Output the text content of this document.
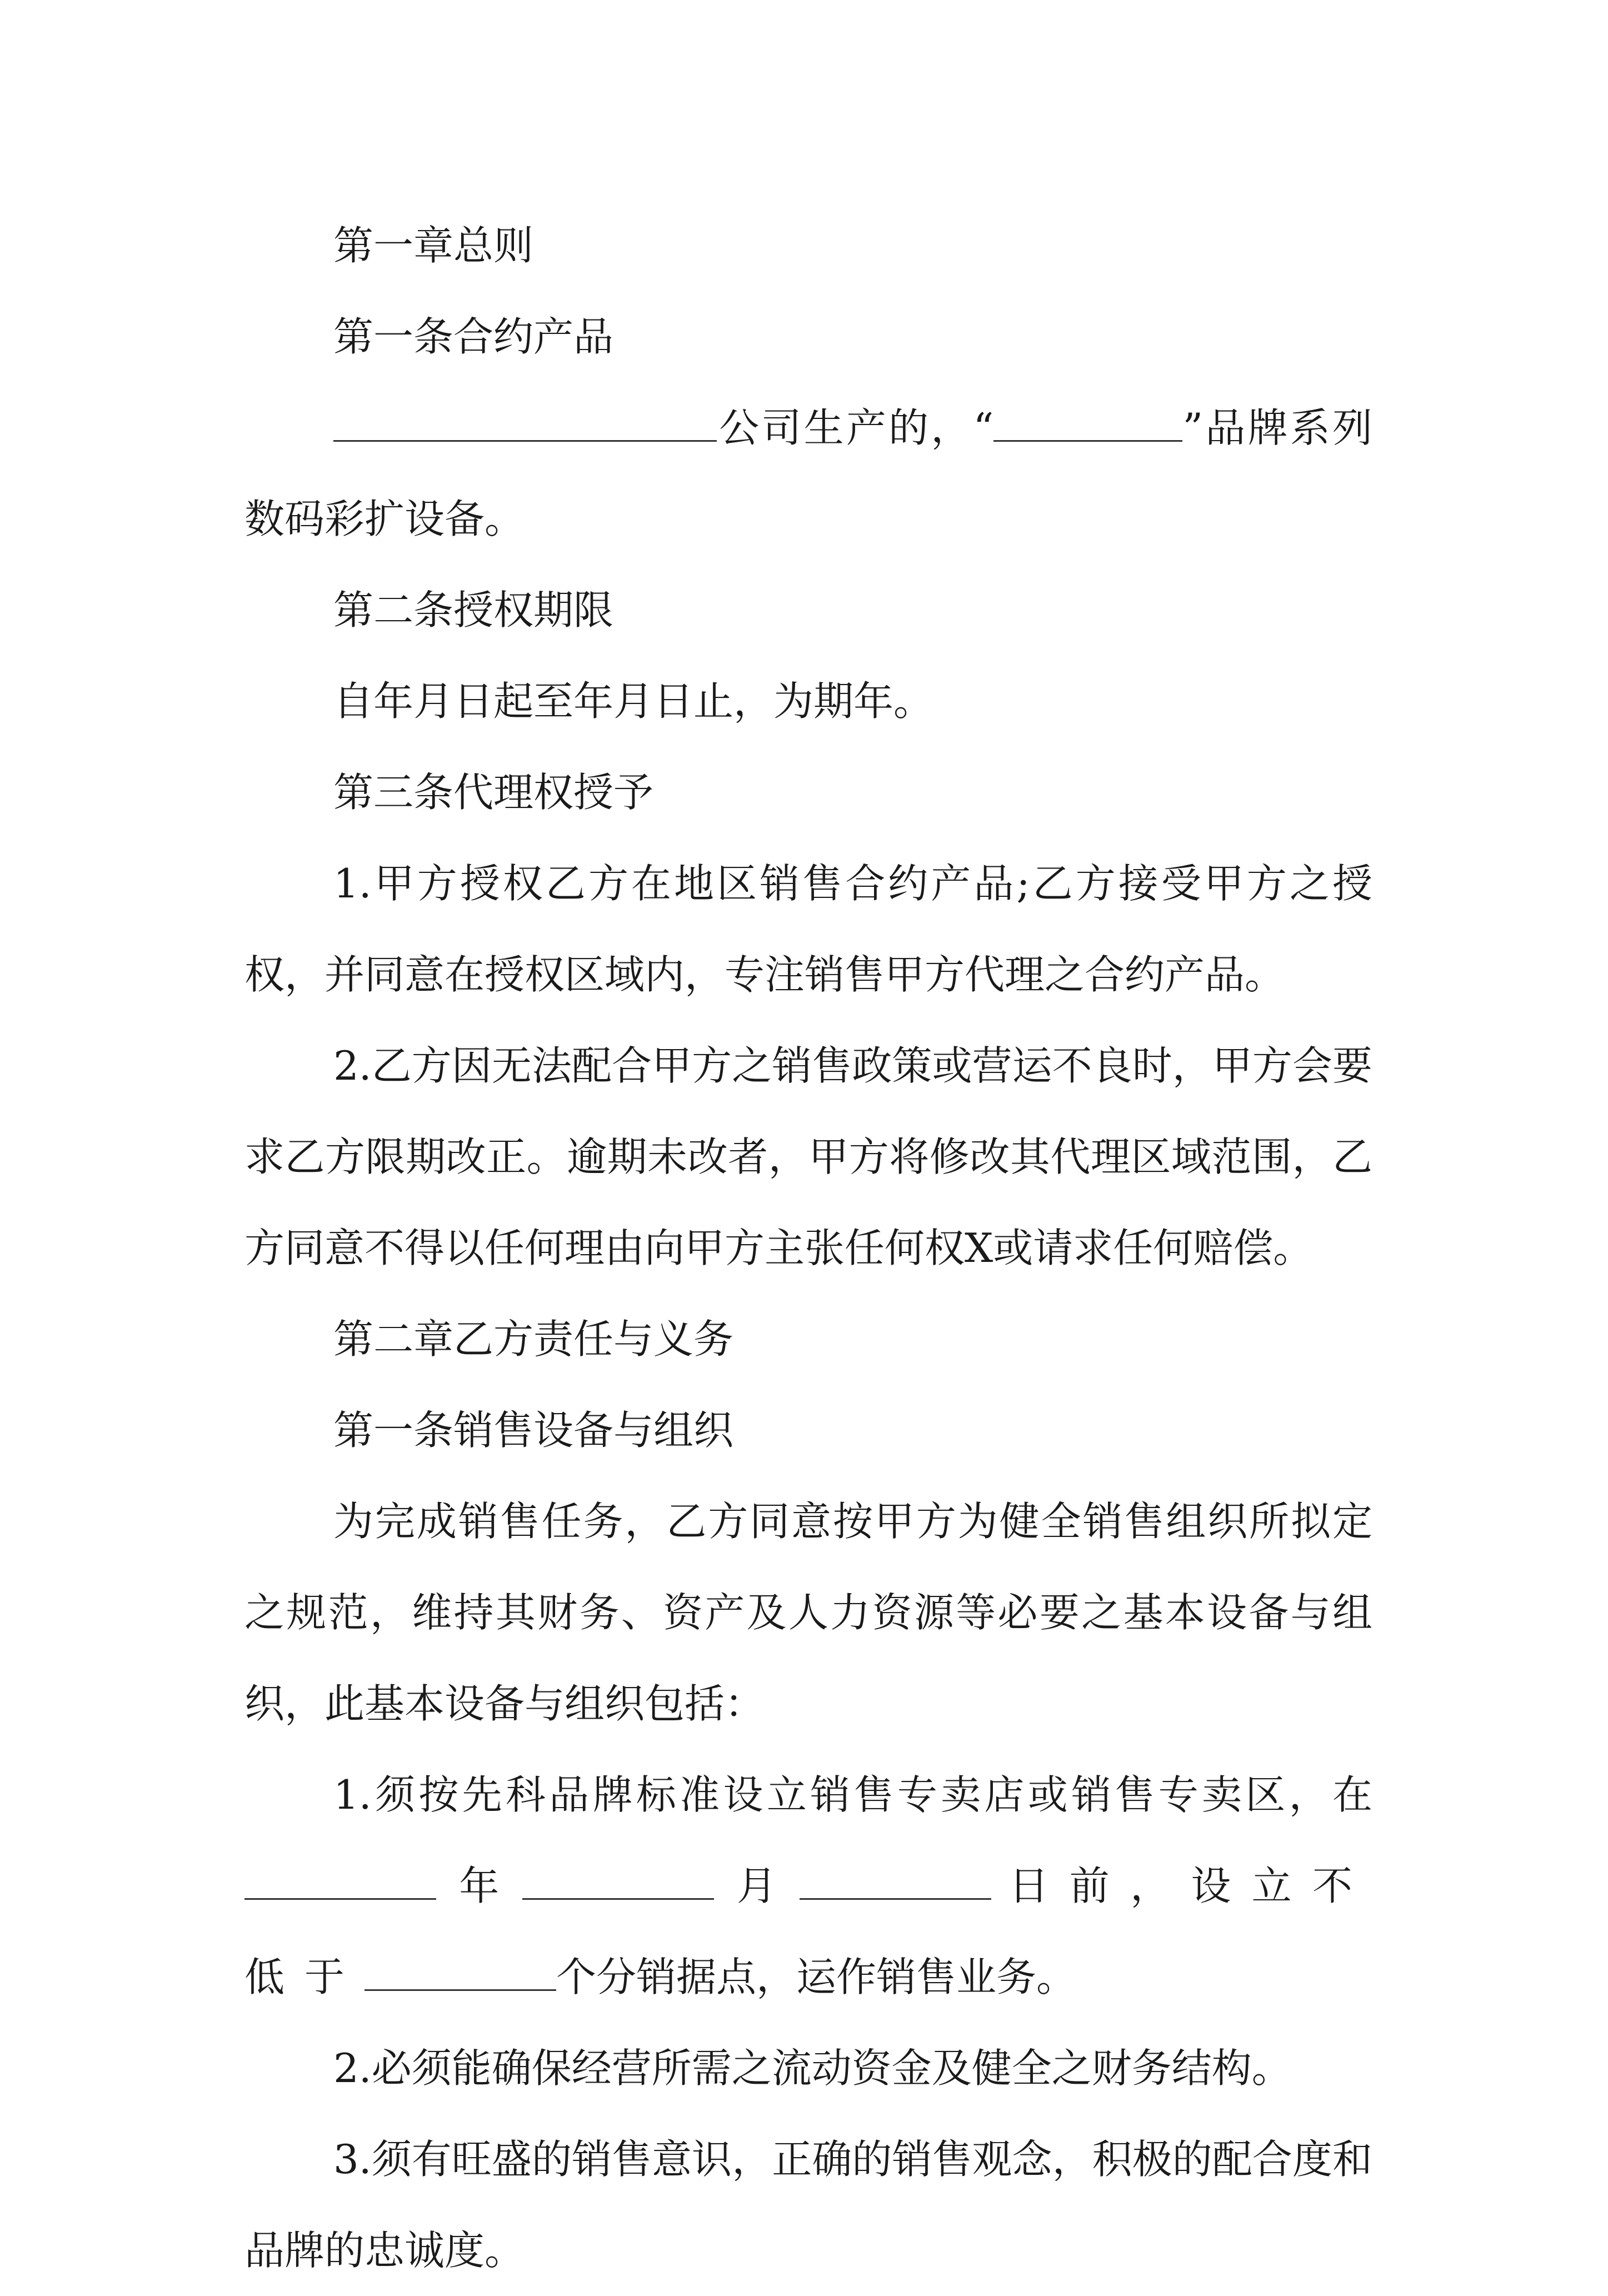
第一章总则

第一条合约产品

公司生产的，“	”品牌系列数码彩扩设备。

第二条授权期限

自年月日起至年月日止，为期年。

第三条代理权授予

1.甲方授权乙方在地区销售合约产品;乙方接受甲方之授权，并同意在授权区域内，专注销售甲方代理之合约产品。

2.乙方因无法配合甲方之销售政策或营运不良时，甲方会要求乙方限期改正。逾期未改者，甲方将修改其代理区域范围，乙方同意不得以任何理由向甲方主张任何权X或请求任何赔偿。

第二章乙方责任与义务

第一条销售设备与组织

为完成销售任务，乙方同意按甲方为健全销售组织所拟定之规范，维持其财务、资产及人力资源等必要之基本设备与组织，此基本设备与组织包括：

1.须按先科品牌标准设立销售专卖店或销售专卖区，在年	月	日前，设立不低于	个分销据点，运作销售业务。

2.必须能确保经营所需之流动资金及健全之财务结构。

3.须有旺盛的销售意识，正确的销售观念，积极的配合度和品牌的忠诚度。
